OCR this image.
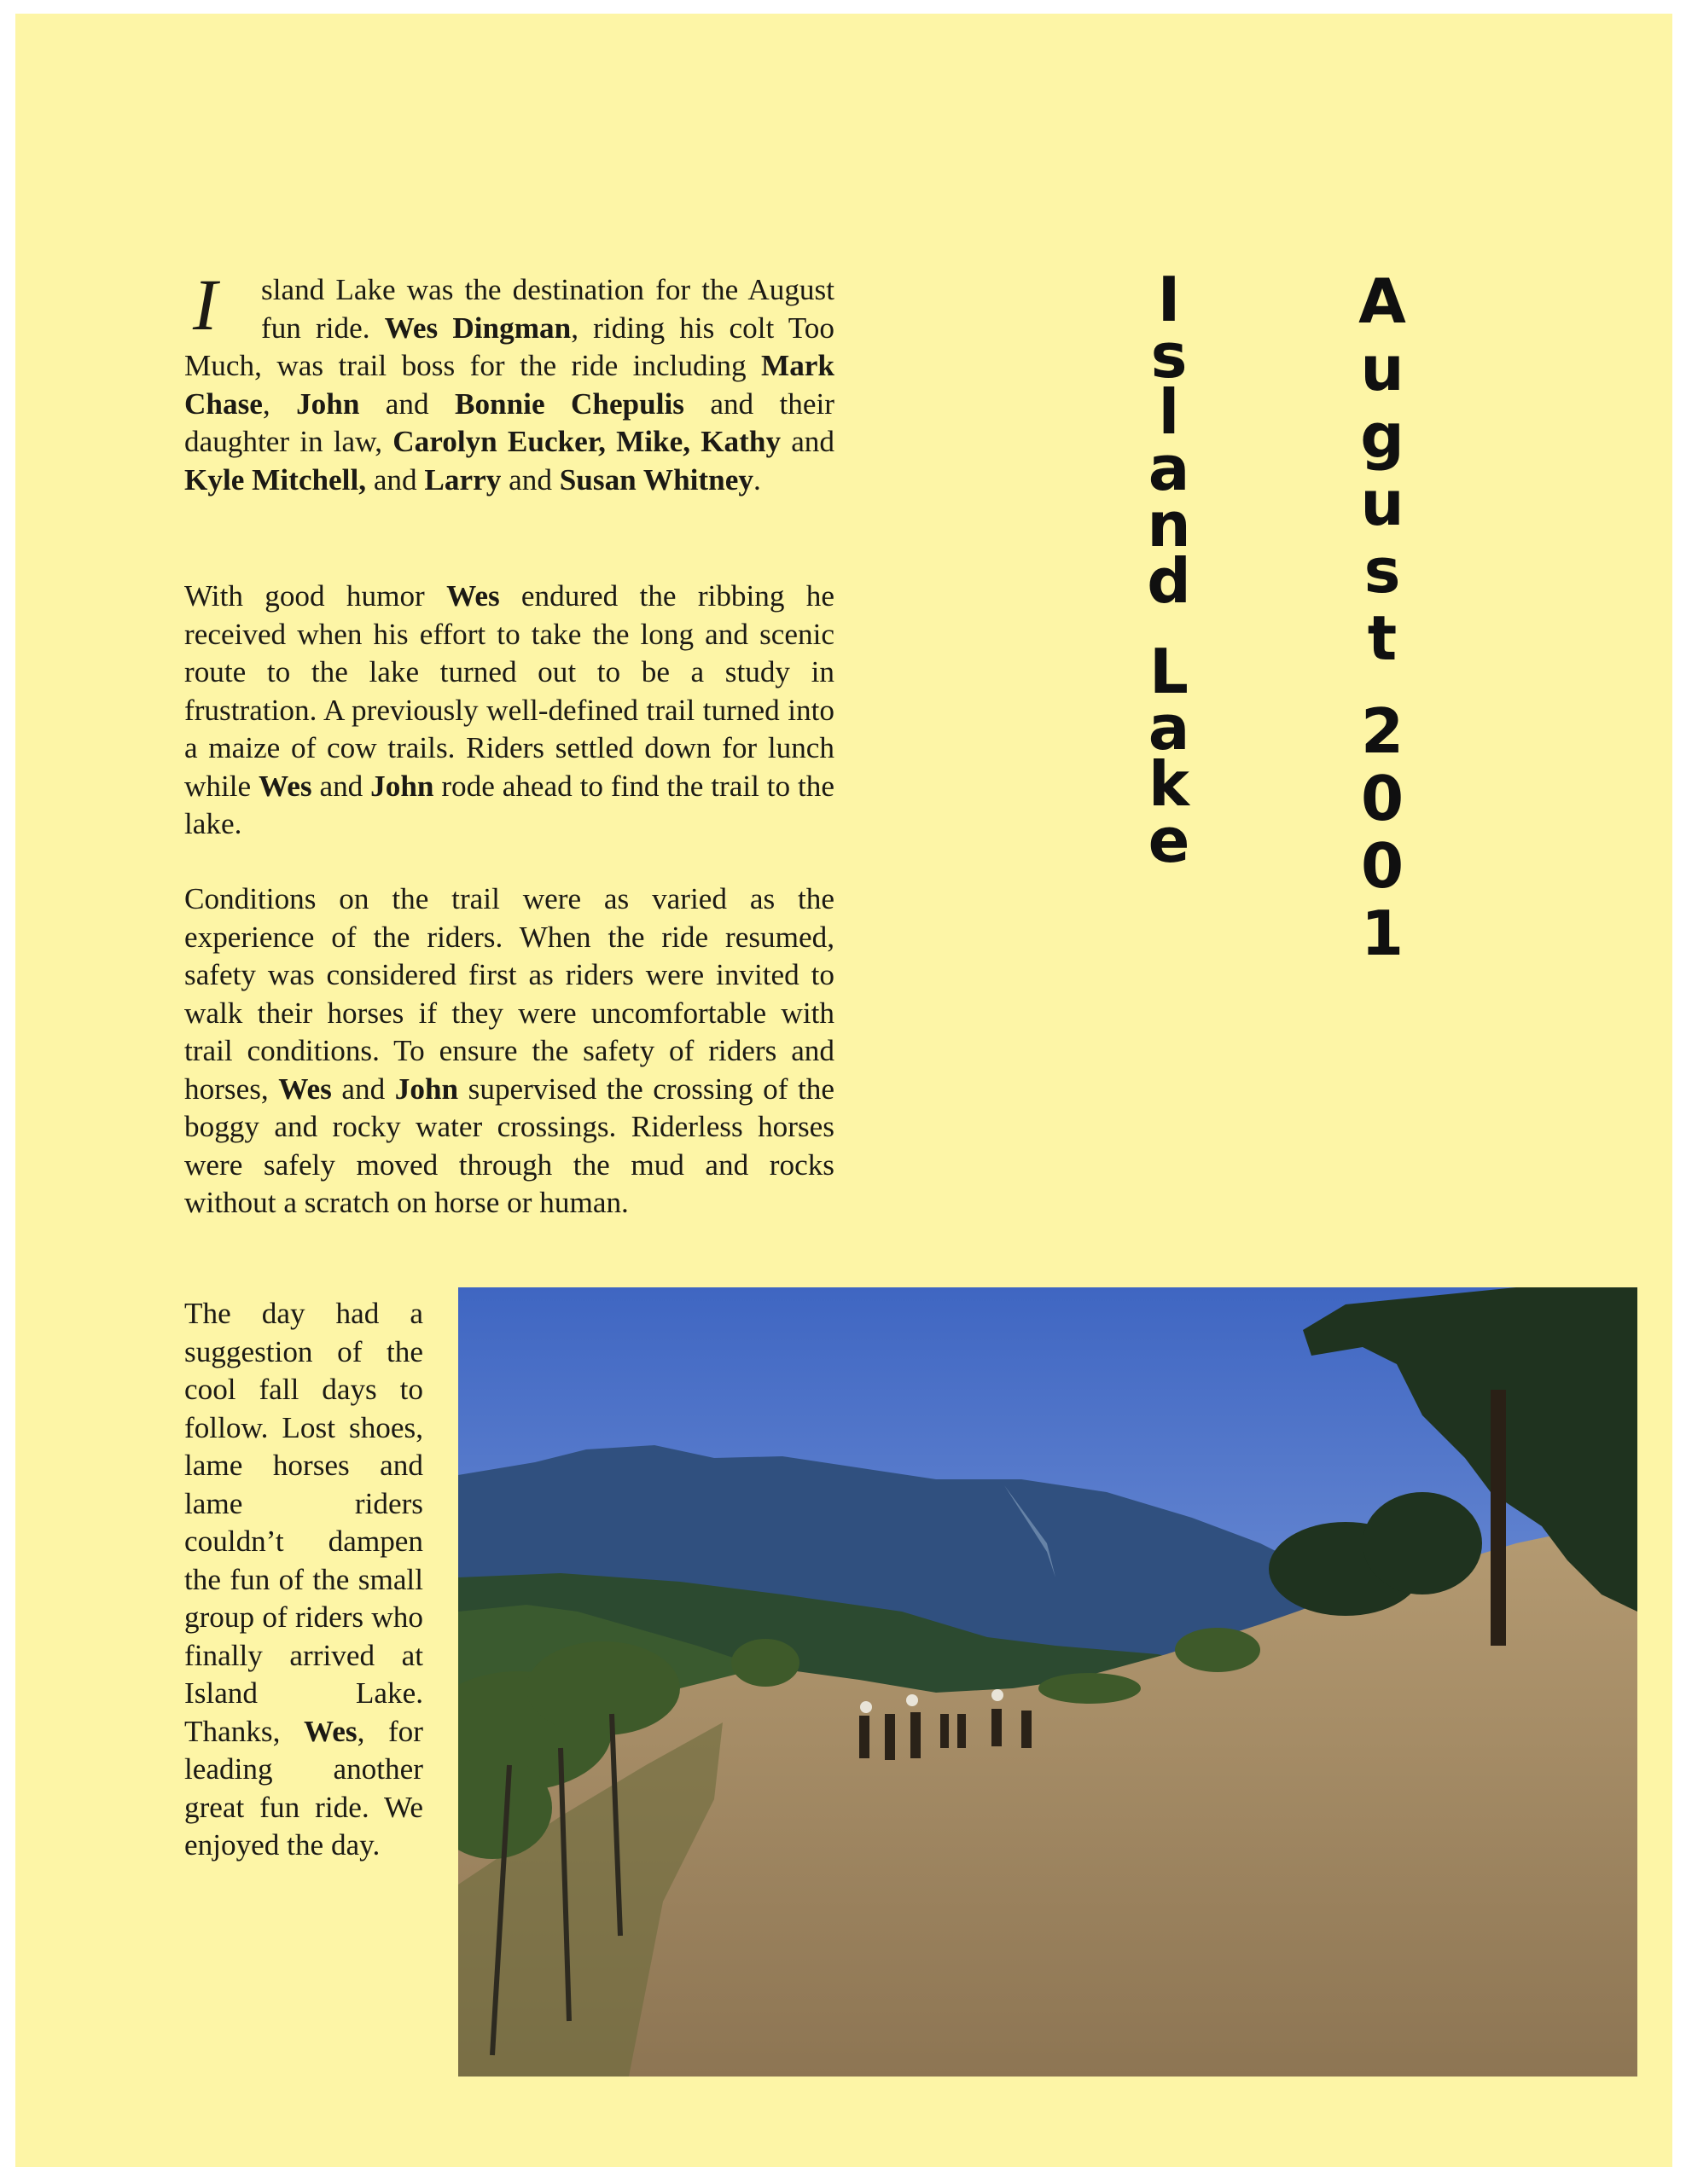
I	sland Lake was the destination for the August fun ride. Wes Dingman, riding his colt Too Much, was trail boss for the ride including Mark Chase, John and Bonnie Chepulis and their daughter in law, Carolyn Eucker, Mike, Kathy and Kyle Mitchell, and Larry and Susan Whitney.

With good humor Wes endured the ribbing he received when his effort to take the long and scenic route to the lake turned out to be a study in frustration. A previously well-defined trail turned into a maize of cow trails. Riders settled down for lunch while Wes and John rode ahead to find the trail to the lake.

Conditions on the trail were as varied as the experience of the riders. When the ride resumed, safety was considered first as riders were invited to walk their horses if they were uncomfortable with trail conditions. To ensure the safety of riders and horses, Wes and John supervised the crossing of the boggy and rocky water crossings. Riderless horses were safely moved through the mud and rocks without a scratch on horse or human.

The day had a suggestion of the cool fall days to follow. Lost shoes, lame horses and lame riders couldn’t dampen the fun of the small group of riders who finally arrived at Island Lake. Thanks, Wes, for leading another great fun ride. We enjoyed the day.

I
s
l
a
n
d

L
a
k
e
A
u
g
u
s
t

2
0
0
1
